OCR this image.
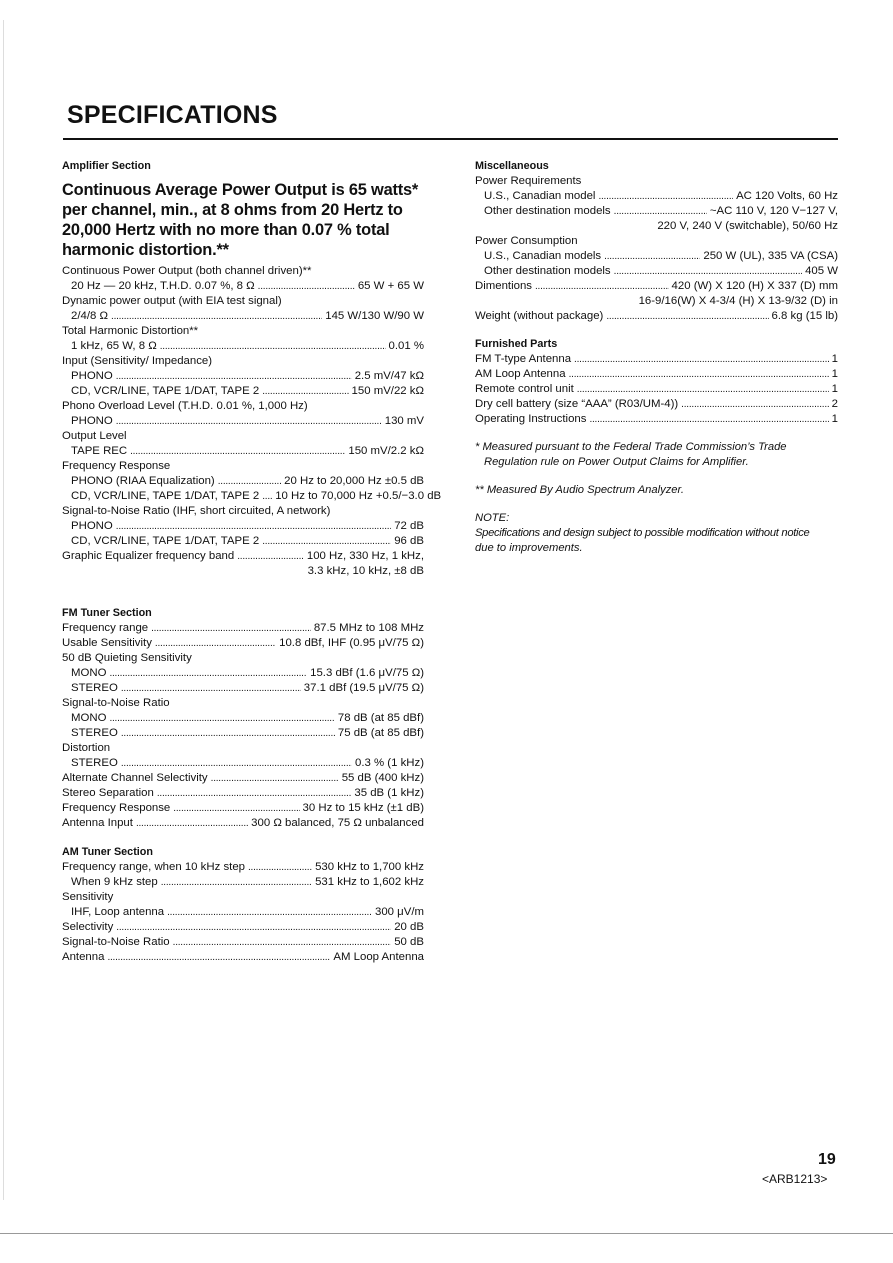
SPECIFICATIONS
Amplifier Section
Continuous Average Power Output is 65 watts* per channel, min., at 8 ohms from 20 Hertz to 20,000 Hertz with no more than 0.07 % total harmonic distortion.**
Continuous Power Output (both channel driven)**
20 Hz — 20 kHz, T.H.D. 0.07 %, 8 Ω . . .	65 W + 65 W
Dynamic power output (with EIA test signal)
2/4/8 Ω . . .	145 W/130 W/90 W
Total Harmonic Distortion**
1 kHz, 65 W, 8 Ω . . .	0.01 %
Input (Sensitivity/ Impedance)
PHONO . . .	2.5 mV/47 kΩ
CD, VCR/LINE, TAPE 1/DAT, TAPE 2 . . .	150 mV/22 kΩ
Phono Overload Level (T.H.D. 0.01 %, 1,000 Hz)
PHONO . . .	130 mV
Output Level
TAPE REC . . .	150 mV/2.2 kΩ
Frequency Response
PHONO (RIAA Equalization) . . .	20 Hz to 20,000 Hz ±0.5 dB
CD, VCR/LINE, TAPE 1/DAT, TAPE 2 . . . 10 Hz to 70,000 Hz +0.5/−3.0 dB
Signal-to-Noise Ratio (IHF, short circuited, A network)
PHONO . . .	72 dB
CD, VCR/LINE, TAPE 1/DAT, TAPE 2 . . .	96 dB
Graphic Equalizer frequency band . . .	100 Hz, 330 Hz, 1 kHz,
3.3 kHz, 10 kHz, ±8 dB
FM Tuner Section
Frequency range . . .	87.5 MHz to 108 MHz
Usable Sensitivity . . .	10.8 dBf, IHF (0.95 μV/75 Ω)
50 dB Quieting Sensitivity
MONO . . .	15.3 dBf (1.6 μV/75 Ω)
STEREO . . .	37.1 dBf (19.5 μV/75 Ω)
Signal-to-Noise Ratio
MONO . . .	78 dB (at 85 dBf)
STEREO . . .	75 dB (at 85 dBf)
Distortion
STEREO . . .	0.3 % (1 kHz)
Alternate Channel Selectivity . . .	55 dB (400 kHz)
Stereo Separation . . .	35 dB (1 kHz)
Frequency Response . . .	30 Hz to 15 kHz (±1 dB)
Antenna Input . . .	300 Ω balanced, 75 Ω unbalanced
AM Tuner Section
Frequency range, when 10 kHz step . . .	530 kHz to 1,700 kHz
When 9 kHz step . . .	531 kHz to 1,602 kHz
Sensitivity
IHF, Loop antenna . . .	300 μV/m
Selectivity . . .	20 dB
Signal-to-Noise Ratio . . .	50 dB
Antenna . . .	AM Loop Antenna
Miscellaneous
Power Requirements
U.S., Canadian model . . .	AC 120 Volts, 60 Hz
Other destination models . . .	~AC 110 V, 120 V−127 V,
220 V, 240 V (switchable), 50/60 Hz
Power Consumption
U.S., Canadian models . . .	250 W (UL), 335 VA (CSA)
Other destination models . . .	405 W
Dimentions . . .	420 (W) X 120 (H) X 337 (D) mm
16-9/16(W) X 4-3/4 (H) X 13-9/32 (D) in
Weight (without package) . . .	6.8 kg (15 lb)
Furnished Parts
FM T-type Antenna . . .	1
AM Loop Antenna . . .	1
Remote control unit . . .	1
Dry cell battery (size “AAA” (R03/UM-4)) . . .	2
Operating Instructions . . .	1
* Measured pursuant to the Federal Trade Commission’s Trade
Regulation rule on Power Output Claims for Amplifier.
** Measured By Audio Spectrum Analyzer.
NOTE:
Specifications and design subject to possible modification without notice
due to improvements.
19
<ARB1213>
